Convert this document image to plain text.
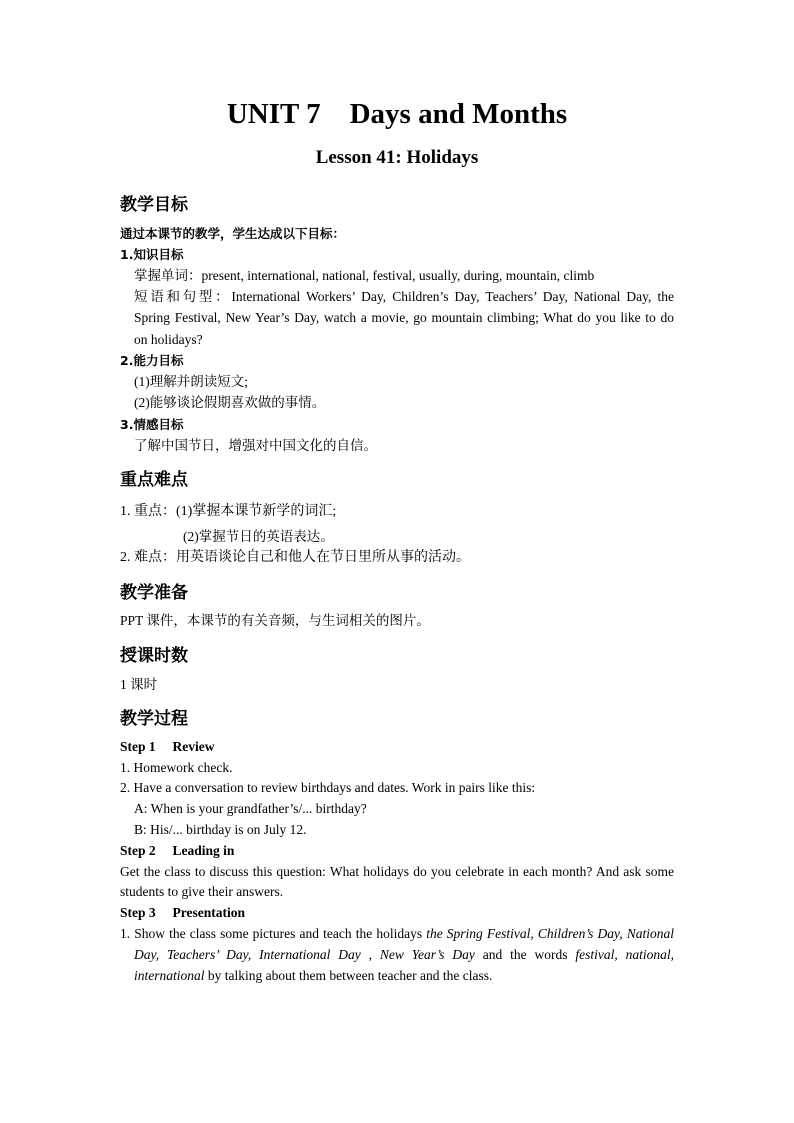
UNIT 7    Days and Months
Lesson 41: Holidays
教学目标
通过本课节的教学，学生达成以下目标：
1.知识目标
掌握单词：present, international, national, festival, usually, during, mountain, climb
短语和句型：International Workers’ Day, Children’s Day, Teachers’ Day, National Day, the
Spring Festival, New Year’s Day, watch a movie, go mountain climbing; What do you like to do
on holidays?
2.能力目标
(1)理解并朗读短文;
(2)能够谈论假期喜欢做的事情。
3.情感目标
了解中国节日，增强对中国文化的自信。
重点难点
1. 重点：(1)掌握本课节新学的词汇;
(2)掌握节日的英语表达。
2. 难点：用英语谈论自己和他人在节日里所从事的活动。
教学准备
PPT 课件，本课节的有关音频，与生词相关的图片。
授课时数
1 课时
教学过程
Step 1     Review
1. Homework check.
2. Have a conversation to review birthdays and dates. Work in pairs like this:
A: When is your grandfather’s/... birthday?
B: His/... birthday is on July 12.
Step 2     Leading in
Get the class to discuss this question: What holidays do you celebrate in each month? And ask some
students to give their answers.
Step 3     Presentation
1. Show the class some pictures and teach the holidays the Spring Festival, Children’s Day, National
Day, Teachers’ Day, International Day , New Year’s Day and the words festival, national,
international by talking about them between teacher and the class.
